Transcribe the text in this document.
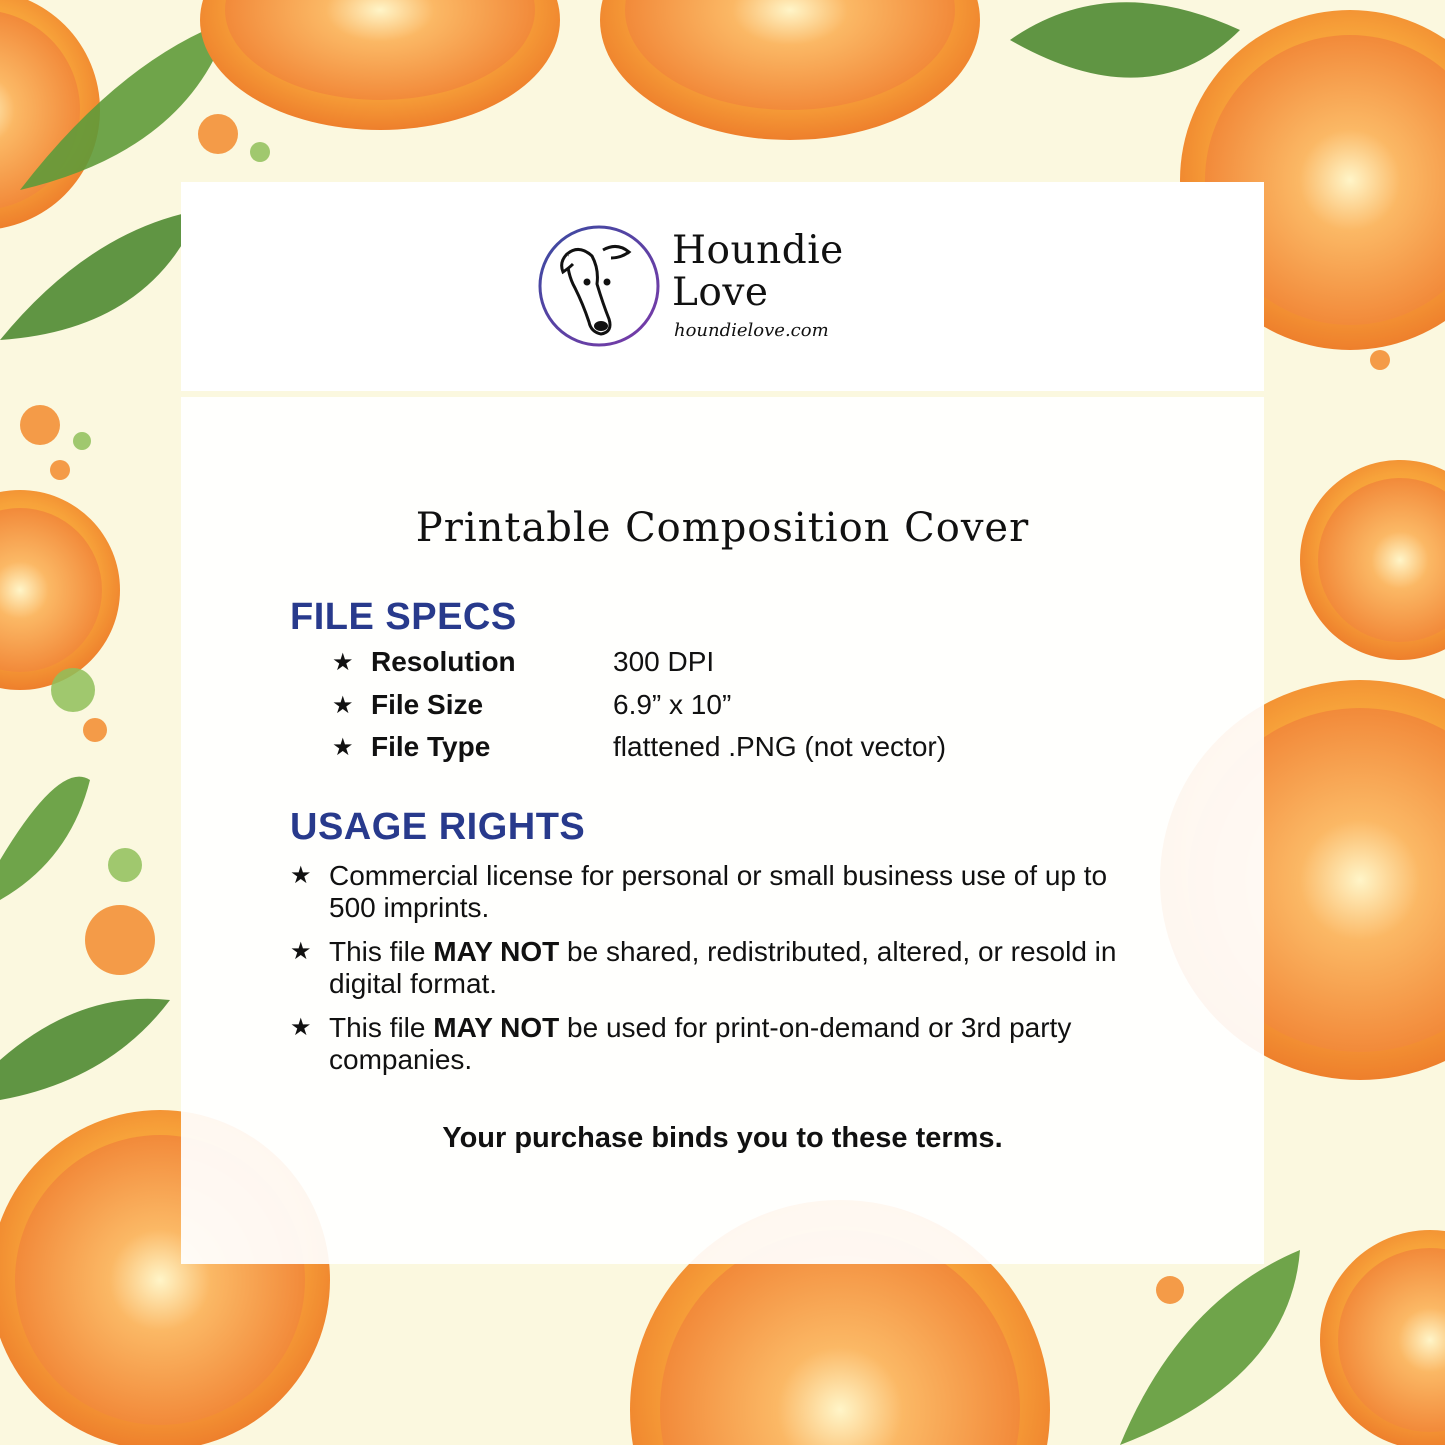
Houndie
Love
houndielove.com
Printable Composition Cover
FILE SPECS
★ Resolution	300 DPI
★ File Size	6.9” x 10”
★ File Type	flattened .PNG (not vector)
USAGE RIGHTS
★ Commercial license for personal or small business use of up to 500 imprints.
★ This file MAY NOT be shared, redistributed, altered, or resold in digital format.
★ This file MAY NOT be used for print-on-demand or 3rd party companies.
Your purchase binds you to these terms.
